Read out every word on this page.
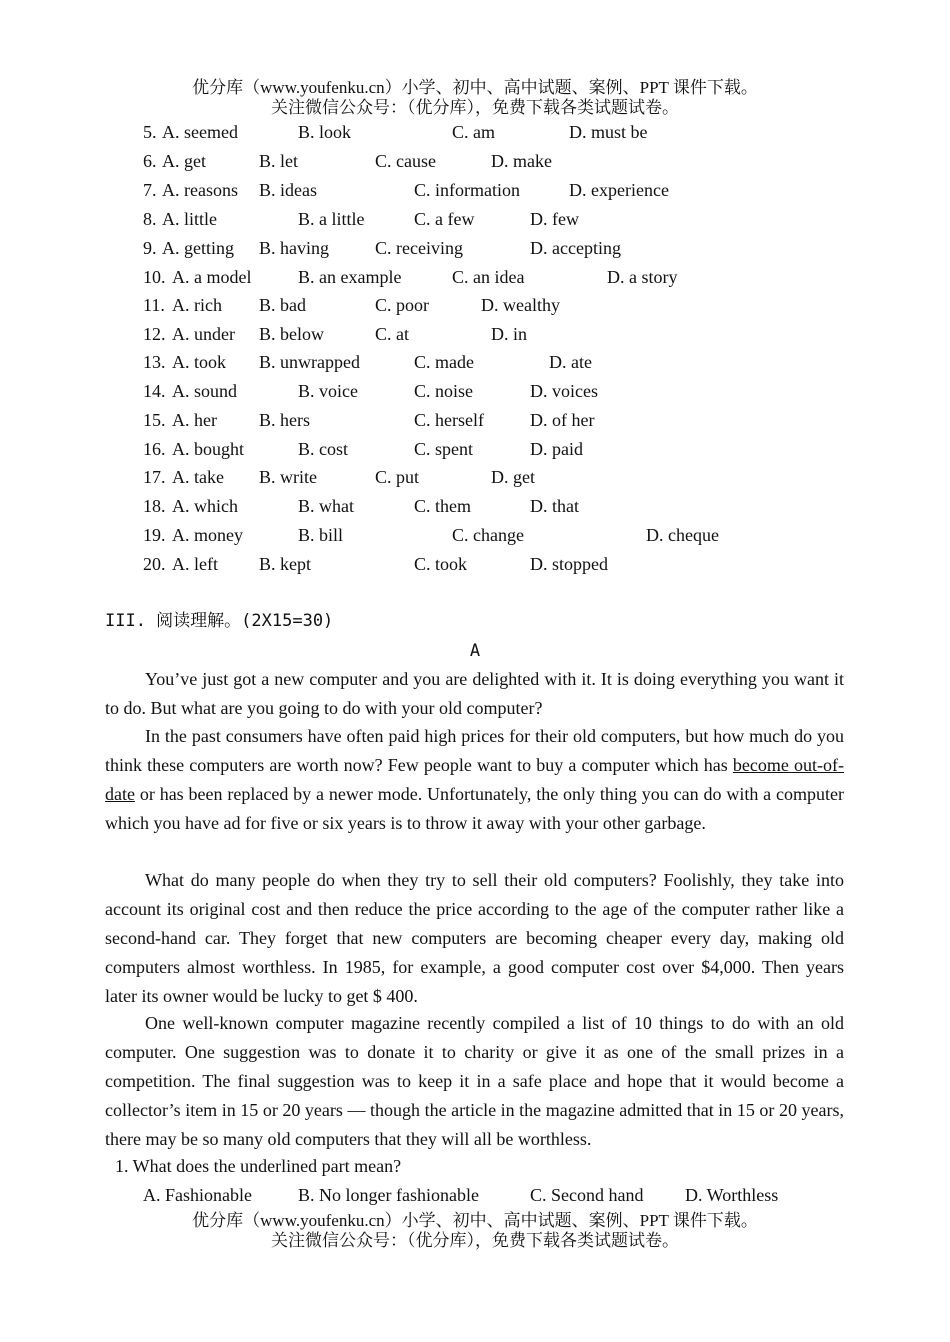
优分库（www.youfenku.cn）小学、初中、高中试题、案例、PPT 课件下载。
关注微信公众号：（优分库），免费下载各类试题试卷。
5. A. seemed	B. look	C. am	D. must be
6. A. get	B. let	C. cause	D. make
7. A. reasons B. ideas	C. information	D. experience
8. A. little	B. a little	C. a few	D. few
9. A. getting B. having	C. receiving	D. accepting
10. A. a model	B. an example	C. an idea	D. a story
11. A. rich B. bad	C. poor	D. wealthy
12. A. under B. below	C. at	D. in
13. A. took B. unwrapped	C. made	D. ate
14. A. sound	B. voice	C. noise	D. voices
15. A. her B. hers	C. herself	D. of her
16. A. bought	B. cost	C. spent	D. paid
17. A. take B. write	C. put	D. get
18. A. which	B. what	C. them	D. that
19. A. money	B. bill	C. change	D. cheque
20. A. left B. kept	C. took	D. stopped
III. 阅读理解。(2X15=30)
A

You’ve just got a new computer and you are delighted with it. It is doing everything you want it to do. But what are you going to do with your old computer?

In the past consumers have often paid high prices for their old computers, but how much do you think these computers are worth now? Few people want to buy a computer which has become out-of-date or has been replaced by a newer mode. Unfortunately, the only thing you can do with a computer which you have ad for five or six years is to throw it away with your other garbage.

What do many people do when they try to sell their old computers? Foolishly, they take into account its original cost and then reduce the price according to the age of the computer rather like a second-hand car. They forget that new computers are becoming cheaper every day, making old computers almost worthless. In 1985, for example, a good computer cost over $4,000. Then years later its owner would be lucky to get $ 400.

One well-known computer magazine recently compiled a list of 10 things to do with an old computer. One suggestion was to donate it to charity or give it as one of the small prizes in a competition. The final suggestion was to keep it in a safe place and hope that it would become a collector’s item in 15 or 20 years — though the article in the magazine admitted that in 15 or 20 years, there may be so many old computers that they will all be worthless.

1. What does the underlined part mean?
A. Fashionable	B. No longer fashionable	C. Second hand D. Worthless
优分库（www.youfenku.cn）小学、初中、高中试题、案例、PPT 课件下载。
关注微信公众号：（优分库），免费下载各类试题试卷。
